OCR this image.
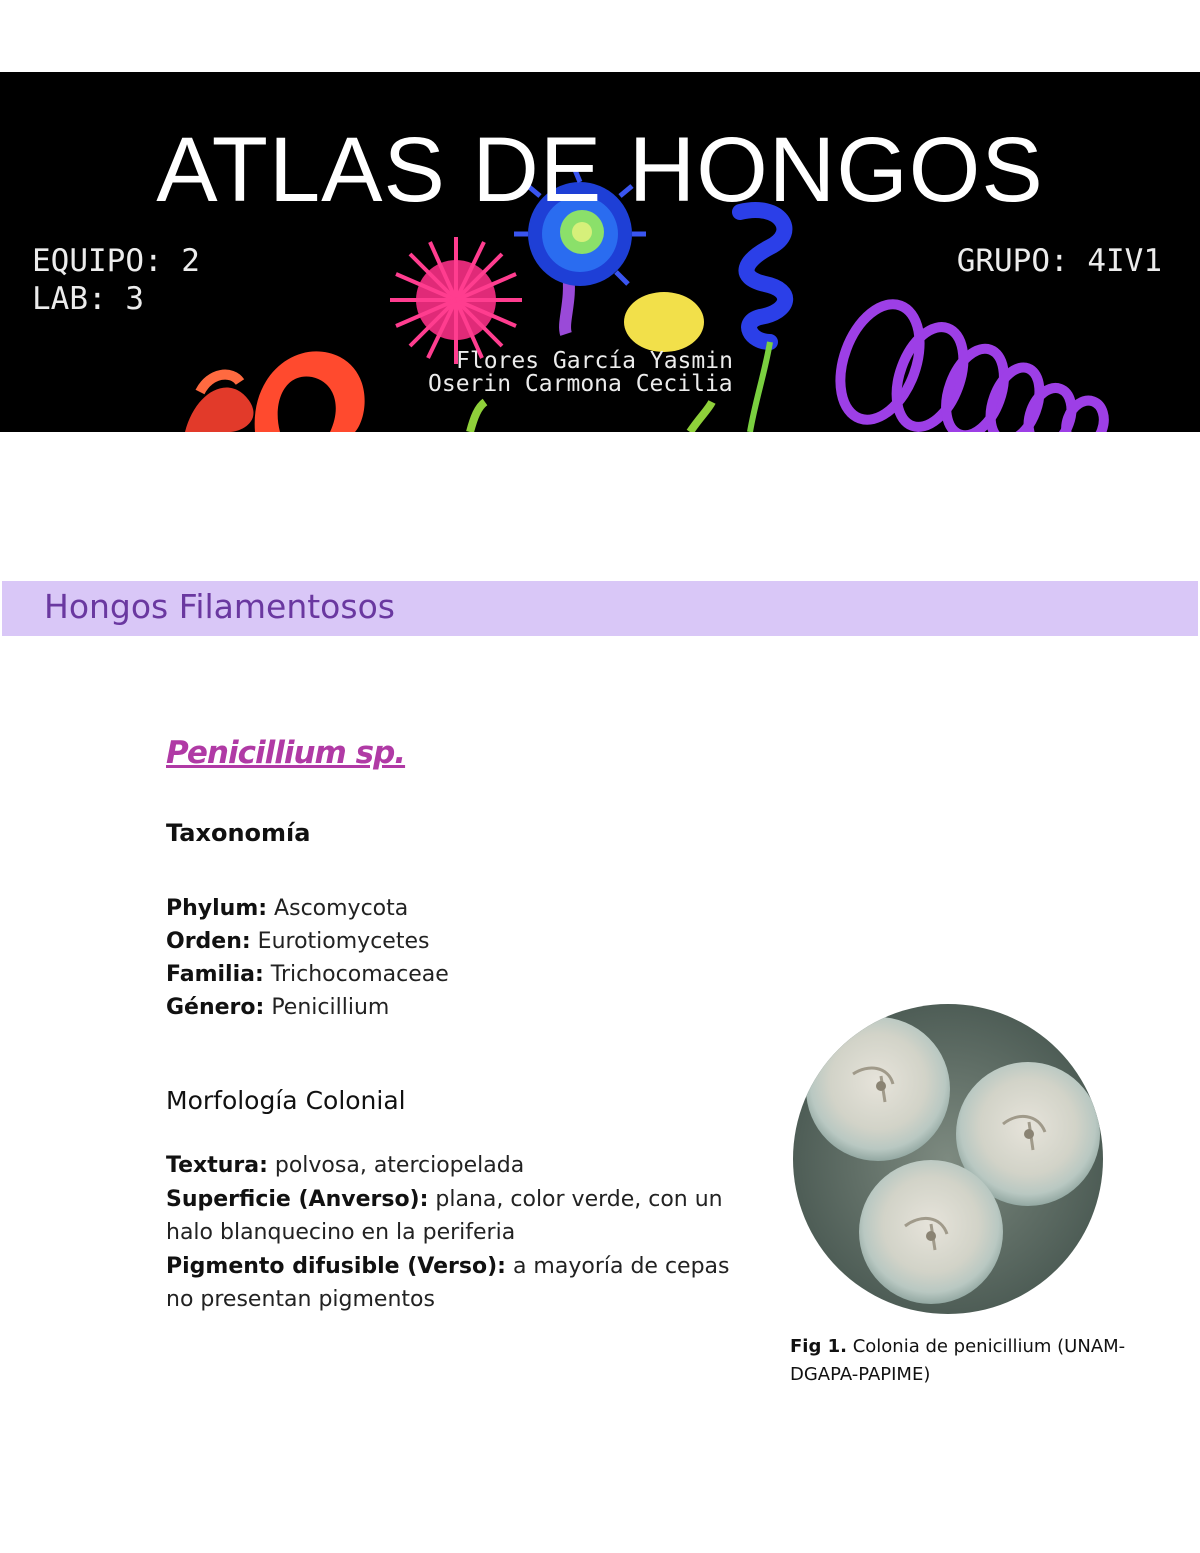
ATLAS DE HONGOS
EQUIPO: 2
LAB: 3
GRUPO: 4IV1
Flores García Yasmin
Oserin Carmona Cecilia
Hongos Filamentosos
Penicillium sp.
Taxonomía
Phylum: Ascomycota
Orden: Eurotiomycetes
Familia: Trichocomaceae
Género: Penicillium
Morfología Colonial

Textura: polvosa, aterciopelada
Superficie (Anverso): plana, color verde, con un halo blanquecino en la periferia
Pigmento difusible (Verso): a mayoría de cepas no presentan pigmentos

Fig 1. Colonia de penicillium (UNAM-DGAPA-PAPIME)
